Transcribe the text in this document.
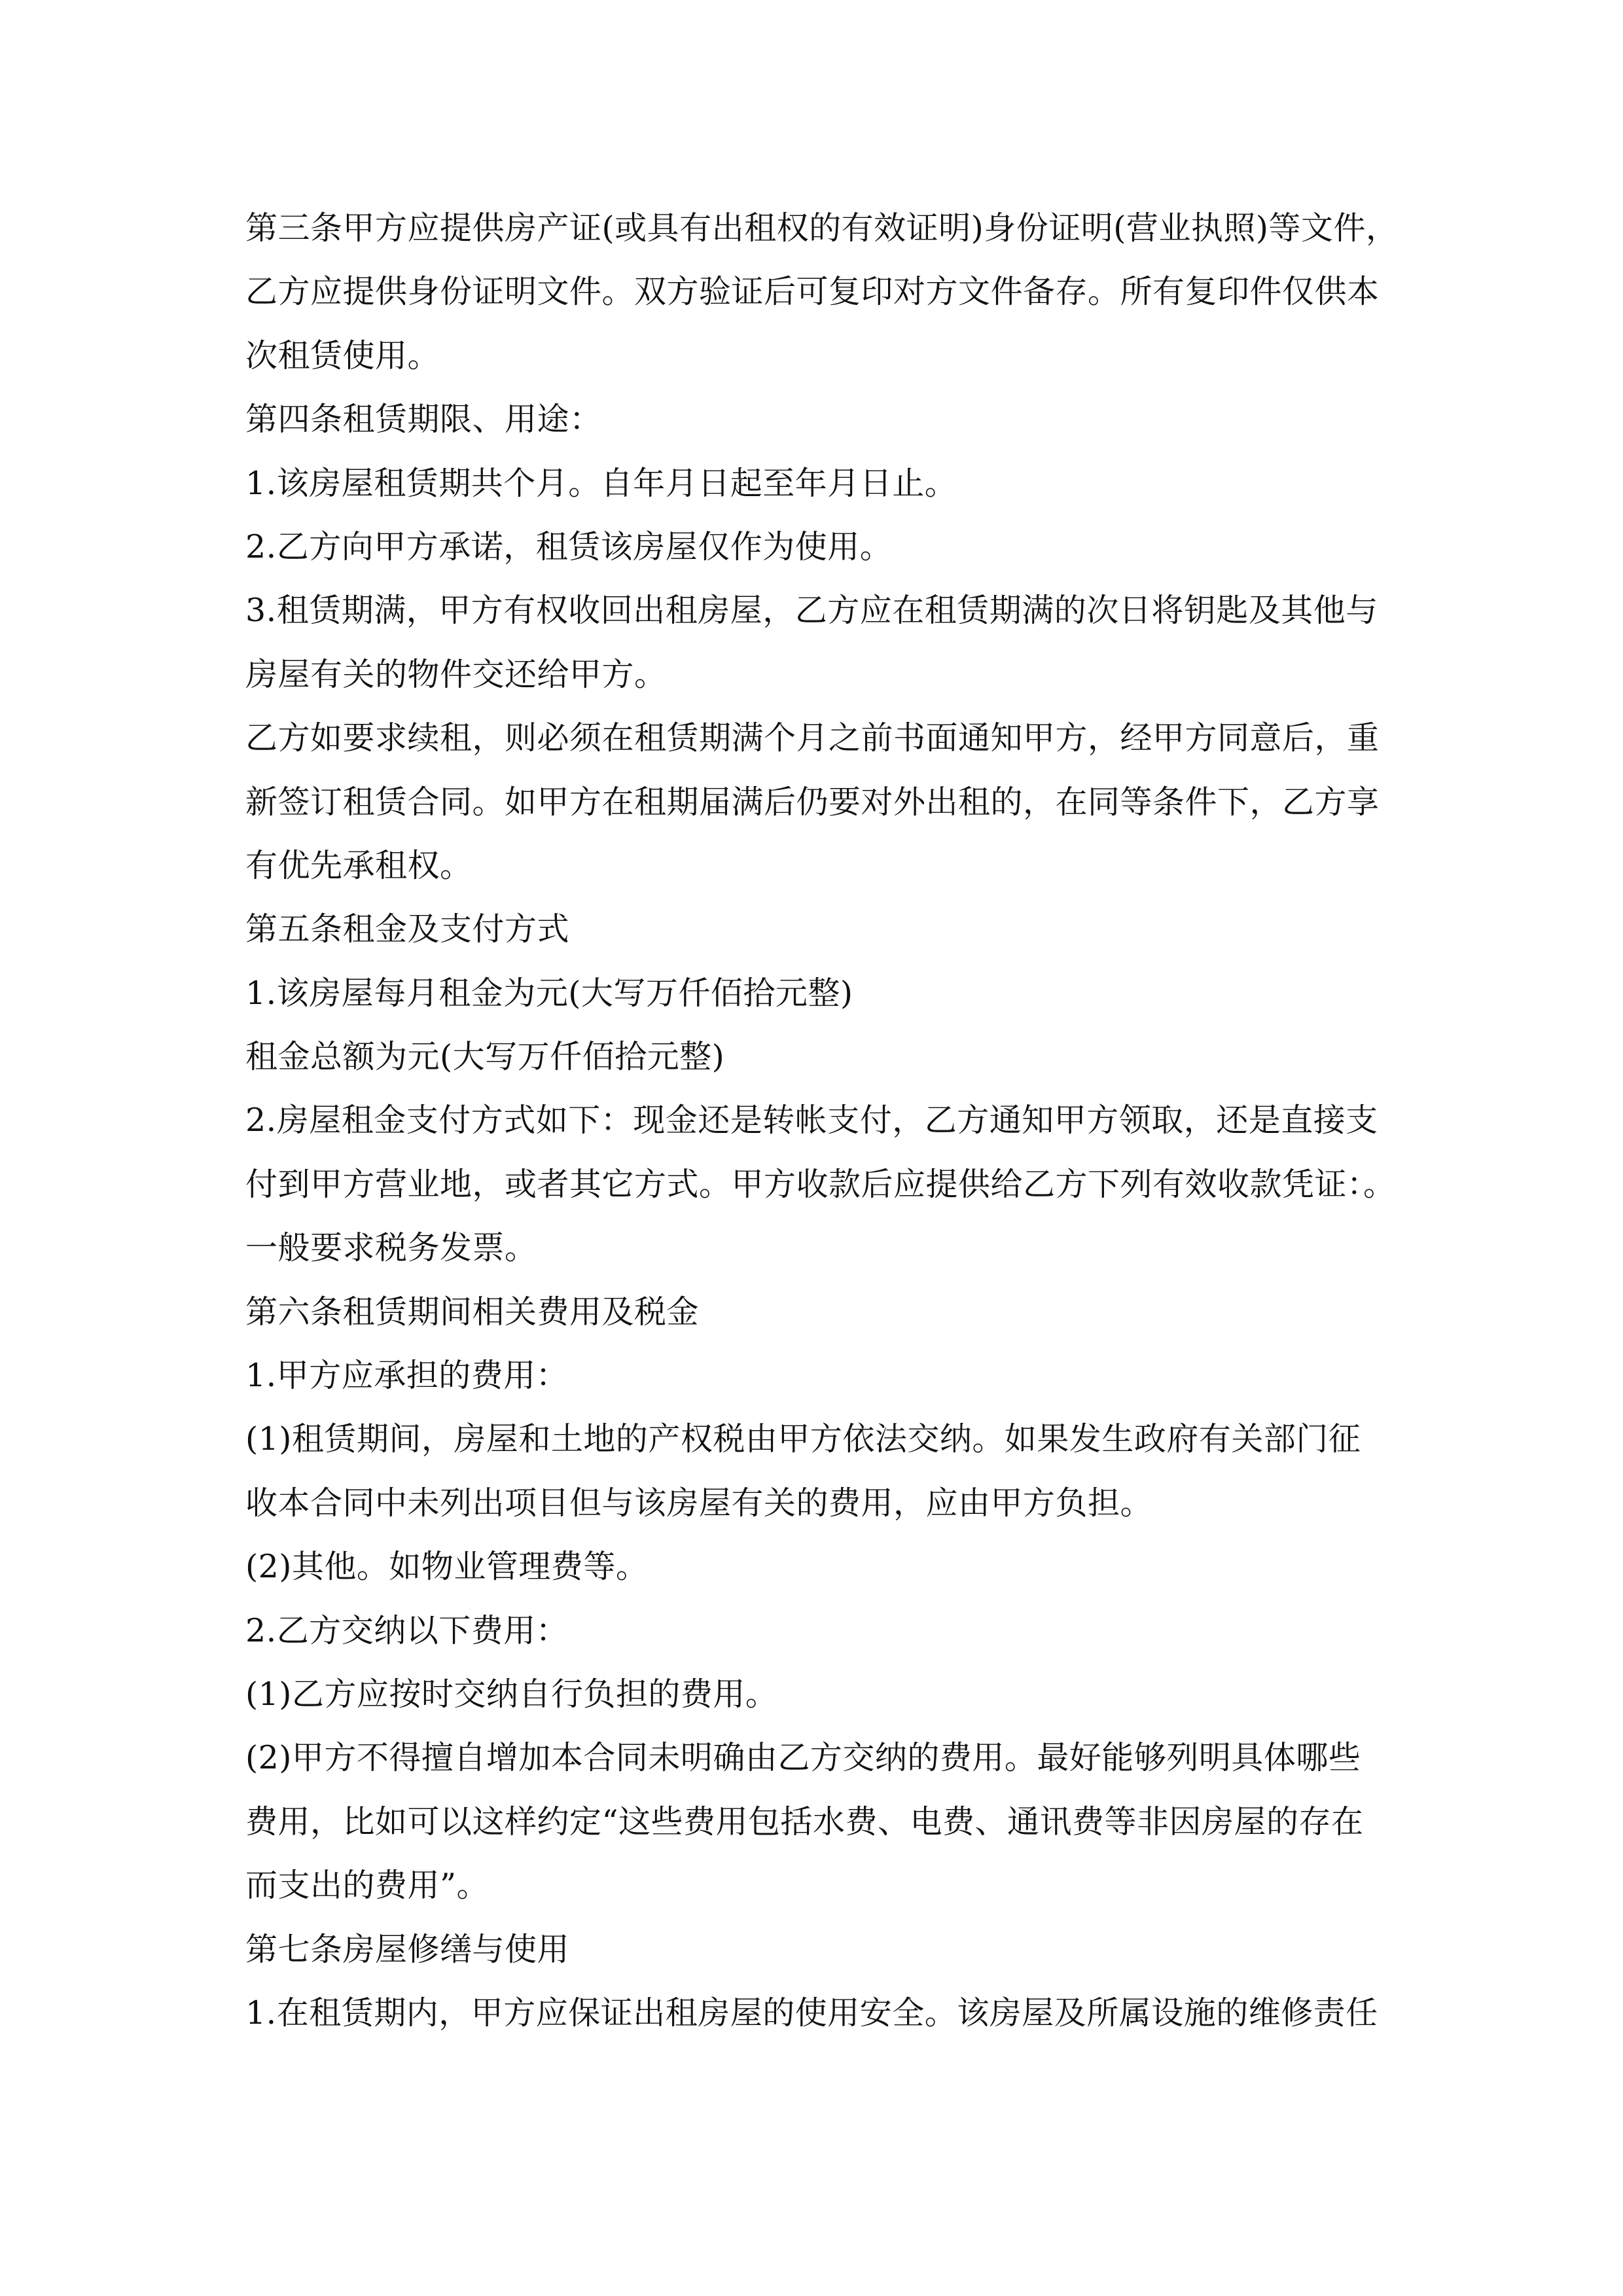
第三条甲方应提供房产证(或具有出租权的有效证明)身份证明(营业执照)等文件，
乙方应提供身份证明文件。双方验证后可复印对方文件备存。所有复印件仅供本
次租赁使用。
第四条租赁期限、用途：
1.该房屋租赁期共个月。自年月日起至年月日止。
2.乙方向甲方承诺，租赁该房屋仅作为使用。
3.租赁期满，甲方有权收回出租房屋，乙方应在租赁期满的次日将钥匙及其他与
房屋有关的物件交还给甲方。
乙方如要求续租，则必须在租赁期满个月之前书面通知甲方，经甲方同意后，重
新签订租赁合同。如甲方在租期届满后仍要对外出租的，在同等条件下，乙方享
有优先承租权。
第五条租金及支付方式
1.该房屋每月租金为元(大写万仟佰拾元整)
租金总额为元(大写万仟佰拾元整)
2.房屋租金支付方式如下：现金还是转帐支付，乙方通知甲方领取，还是直接支
付到甲方营业地，或者其它方式。甲方收款后应提供给乙方下列有效收款凭证：。
一般要求税务发票。
第六条租赁期间相关费用及税金
1.甲方应承担的费用：
(1)租赁期间，房屋和土地的产权税由甲方依法交纳。如果发生政府有关部门征
收本合同中未列出项目但与该房屋有关的费用，应由甲方负担。
(2)其他。如物业管理费等。
2.乙方交纳以下费用：
(1)乙方应按时交纳自行负担的费用。
(2)甲方不得擅自增加本合同未明确由乙方交纳的费用。最好能够列明具体哪些
费用，比如可以这样约定“这些费用包括水费、电费、通讯费等非因房屋的存在
而支出的费用”。
第七条房屋修缮与使用
1.在租赁期内，甲方应保证出租房屋的使用安全。该房屋及所属设施的维修责任
